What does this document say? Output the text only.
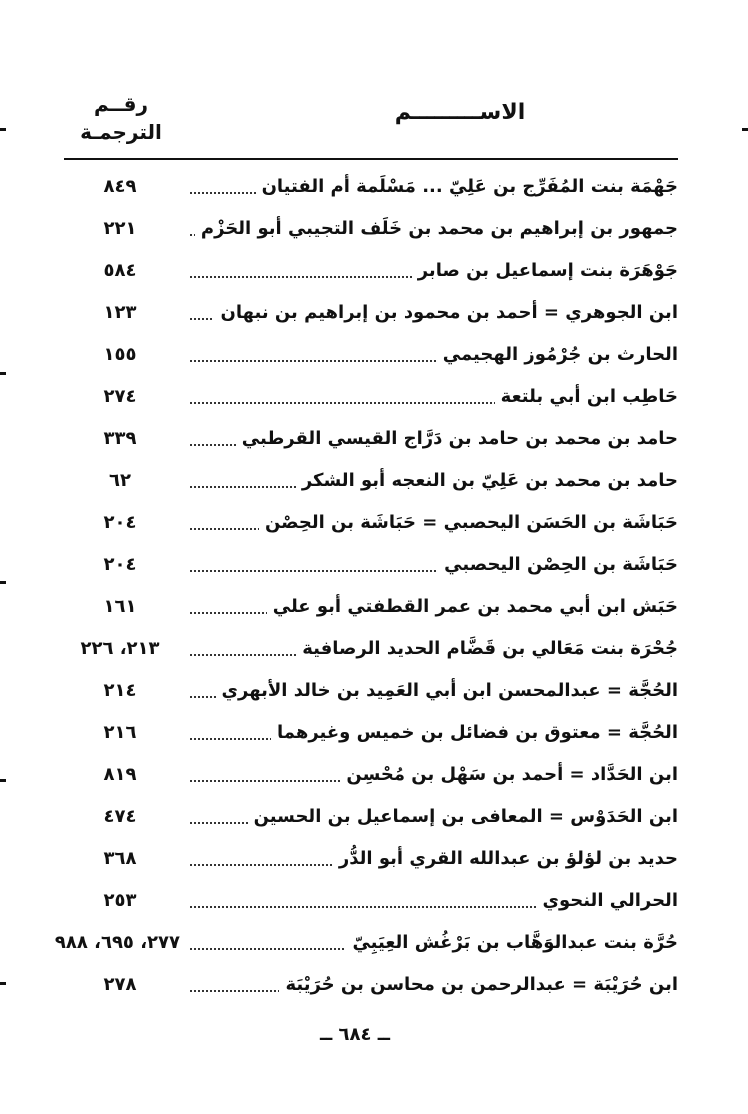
الاســـــــــم
رقــم
الترجمـة
جَهْمَة بنت المُفَرِّج بن عَلِيّ ... مَسْلَمة أم الفتيان
٨٤٩
جمهور بن إبراهيم بن محمد بن خَلَف التجيبي أبو الحَزْم
٢٢١
جَوْهَرَة بنت إسماعيل بن صابر
٥٨٤
ابن الجوهري = أحمد بن محمود بن إبراهيم بن نبهان
١٢٣
الحارث بن جُرْمُوز الهجيمي
١٥٥
حَاطِب ابن أبي بلتعة
٢٧٤
حامد بن محمد بن حامد بن دَرَّاج القيسي القرطبي
٣٣٩
حامد بن محمد بن عَلِيّ بن النعجه أبو الشكر
٦٢
حَبَاشَة بن الحَسَن اليحصبي = حَبَاشَة بن الحِصْن
٢٠٤
حَبَاشَة بن الحِصْن اليحصبي
٢٠٤
حَبَش ابن أبي محمد بن عمر القطفتي أبو علي
١٦١
جُحْرَة بنت مَعَالي بن قَضَّام الحديد الرصافية
٢١٣، ٢٢٦
الحُجَّة = عبدالمحسن ابن أبي العَمِيد بن خالد الأبهري
٢١٤
الحُجَّة = معتوق بن فضائل بن خميس وغيرهما
٢١٦
ابن الحَدَّاد = أحمد بن سَهْل بن مُحْسِن
٨١٩
ابن الحَدَوْس = المعافى بن إسماعيل بن الحسين
٤٧٤
حديد بن لؤلؤ بن عبدالله القري أبو الدُّر
٣٦٨
الحرالي النحوي
٢٥٣
حُرَّة بنت عبدالوَهَّاب بن بَرْغُش العِيَبِيّ
٢٧٧، ٦٩٥، ٩٨٨
ابن حُرَيْبَة = عبدالرحمن بن محاسن بن حُرَيْبَة
٢٧٨
ــ ٦٨٤ ــ
